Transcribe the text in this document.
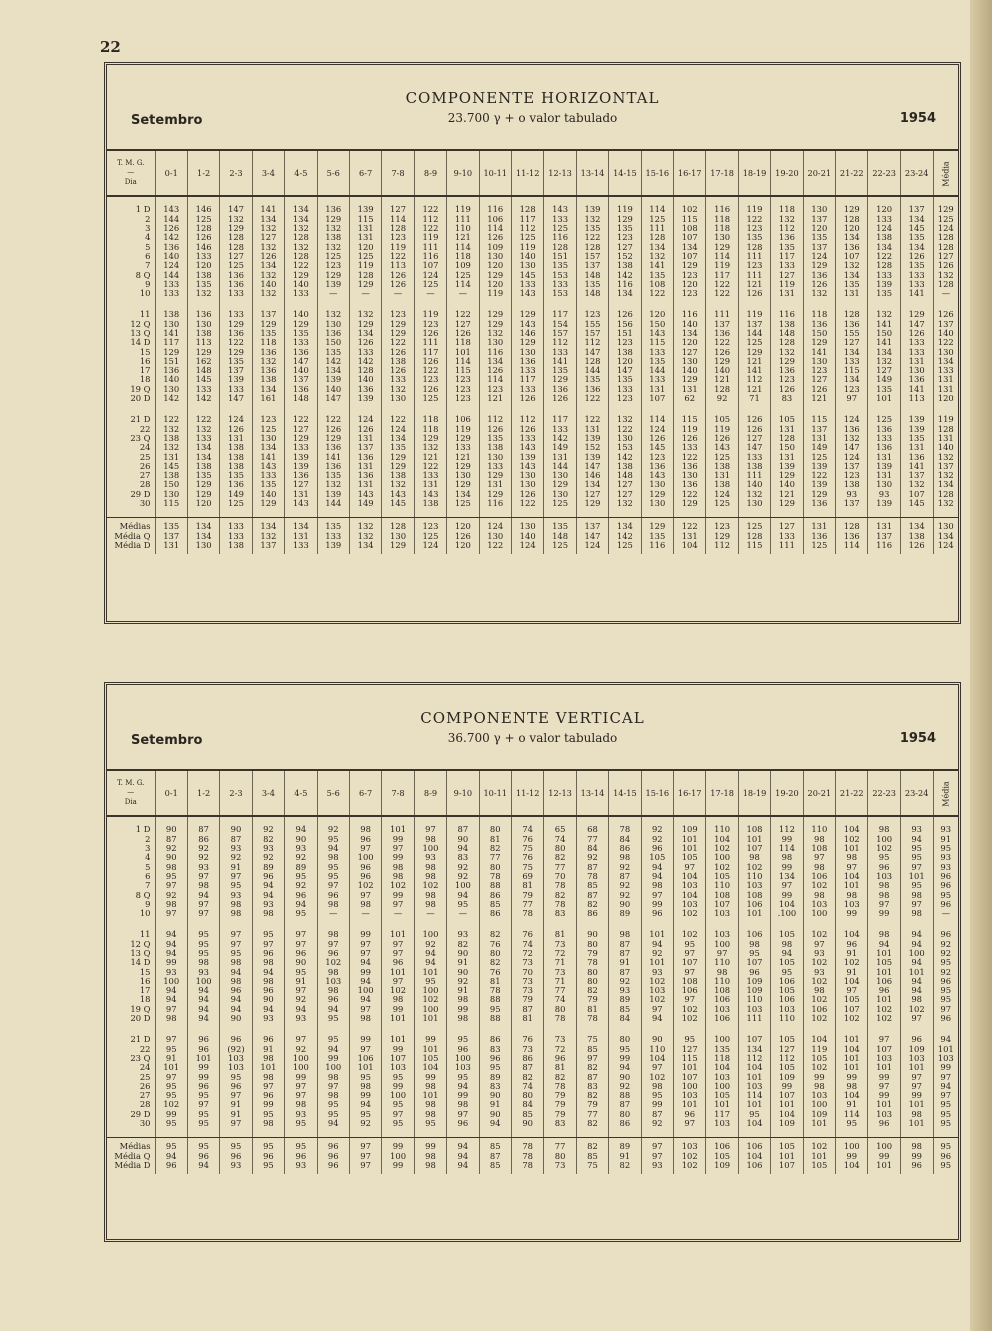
22
COMPONENTE HORIZONTAL
23.700 γ + o valor tabulado
Setembro	1954
T. M. G.
—
Dia	0-1	1-2	2-3	3-4	4-5	5-6	6-7	7-8	8-9	9-10	10-11	11-12	12-13	13-14	14-15	15-16	16-17	17-18	18-19	19-20	20-21	21-22	22-23	23-24	Média

1 D	143	146	147	141	134	136	139	127	122	119	116	128	143	139	119	114	102	116	119	118	130	129	120	137	129
2	144	125	132	134	134	129	115	114	112	111	106	117	133	132	129	125	115	118	122	132	137	128	133	134	125
3	126	128	129	132	132	132	131	128	122	110	114	112	125	135	135	111	108	118	123	112	120	120	124	145	124
4	142	126	128	127	128	138	131	123	119	121	126	125	116	122	123	128	107	130	135	136	135	134	138	135	128
5	136	146	128	132	132	132	120	119	111	114	109	119	128	128	127	134	134	129	128	135	137	136	134	134	128
6	140	133	127	126	128	125	125	122	116	118	130	140	151	157	152	132	107	114	111	117	124	107	122	126	127
7	124	120	125	134	122	123	119	113	107	109	120	130	135	137	138	141	129	119	123	133	129	132	128	135	126
8 Q	144	138	136	132	129	129	128	126	124	125	129	145	153	148	142	135	123	117	111	127	136	134	133	133	132
9	133	135	136	140	140	139	129	126	125	114	120	133	133	135	116	108	120	122	121	119	126	135	139	133	128
10	133	132	133	132	133	—	—	—	—	—	119	143	153	148	134	122	123	122	126	131	132	131	135	141	—

11	138	136	133	137	140	132	132	123	119	122	129	129	117	123	126	120	116	111	119	116	118	128	132	129	126
12 Q	130	130	129	129	129	130	129	129	123	127	129	143	154	155	156	150	140	137	137	138	136	136	141	147	137
13 Q	141	138	136	135	135	136	134	129	126	126	132	146	157	157	151	143	134	136	144	148	150	155	150	126	140
14 D	117	113	122	118	133	150	126	122	111	118	130	129	112	112	123	115	120	122	125	128	129	127	141	133	122
15	129	129	129	136	136	135	133	126	117	101	116	130	133	147	138	133	127	126	129	132	141	134	134	133	130
16	151	162	135	132	147	142	142	138	126	114	134	136	141	128	120	135	130	129	121	129	130	133	132	131	134
17	136	148	137	136	140	134	128	126	122	115	126	133	135	144	147	144	140	140	141	136	123	115	127	130	133
18	140	145	139	138	137	139	140	133	123	123	114	117	129	135	135	133	129	121	112	123	127	134	149	136	131
19 Q	130	133	133	134	136	140	136	132	126	123	123	133	136	136	133	131	131	128	121	126	126	123	135	141	131
20 D	142	142	147	161	148	147	139	130	125	123	121	126	126	122	123	107	62	92	71	83	121	97	101	113	120

21 D	122	122	124	123	122	122	124	122	118	106	112	112	117	122	132	114	115	105	126	105	115	124	125	139	119
22	132	132	126	125	127	126	126	124	118	119	126	126	133	131	122	124	119	119	126	131	137	136	136	139	128
23 Q	138	133	131	130	129	129	131	134	129	129	135	133	142	139	130	126	126	126	127	128	131	132	133	135	131
24	132	134	138	134	133	136	137	135	132	133	138	143	149	152	153	145	133	143	147	150	149	147	136	131	140
25	131	134	138	141	139	141	136	129	121	121	130	139	131	139	142	123	122	125	133	131	125	124	131	136	132
26	145	138	138	143	139	136	131	129	122	129	133	143	144	147	138	136	136	138	138	139	139	137	139	141	137
27	138	135	135	133	136	135	136	138	133	130	129	130	130	146	148	143	130	131	111	129	122	123	131	137	132
28	150	129	136	135	127	132	131	132	131	129	131	130	129	134	127	130	136	138	140	140	139	138	130	132	134
29 D	130	129	149	140	131	139	143	143	143	134	129	126	130	127	127	129	122	124	132	121	129	93	93	107	128
30	115	120	125	129	143	144	149	145	138	125	116	122	125	129	132	130	129	125	130	129	136	137	139	145	132

Médias	135	134	133	134	134	135	132	128	123	120	124	130	135	137	134	129	122	123	125	127	131	128	131	134	130
Média Q	137	134	133	132	131	133	132	130	125	126	130	140	148	147	142	135	131	129	128	133	136	136	137	138	134
Média D	131	130	138	137	133	139	134	129	124	120	122	124	125	124	125	116	104	112	115	111	125	114	116	126	124

COMPONENTE VERTICAL
36.700 γ + o valor tabulado
Setembro	1954
T. M. G.
—
Dia	0-1	1-2	2-3	3-4	4-5	5-6	6-7	7-8	8-9	9-10	10-11	11-12	12-13	13-14	14-15	15-16	16-17	17-18	18-19	19-20	20-21	21-22	22-23	23-24	Média

1 D	90	87	90	92	94	92	98	101	97	87	80	74	65	68	78	92	109	110	108	112	110	104	98	93	93
2	87	86	87	82	90	95	96	99	98	90	81	76	74	77	84	92	101	104	101	99	98	102	100	94	91
3	92	92	93	93	93	94	97	97	100	94	82	75	80	84	86	96	101	102	107	114	108	101	102	95	95
4	90	92	92	92	92	98	100	99	93	83	77	76	82	92	98	105	105	100	98	98	97	98	95	95	93
5	98	93	91	89	89	95	96	98	98	92	80	75	77	87	92	94	97	102	102	99	98	97	96	97	93
6	95	97	97	96	95	95	96	98	98	92	78	69	70	78	87	94	104	105	110	134	106	104	103	101	96
7	97	98	95	94	92	97	102	102	102	100	88	81	78	85	92	98	103	110	103	97	102	101	98	95	96
8 Q	92	94	93	94	96	96	97	99	98	94	86	79	82	87	92	97	104	108	108	99	98	98	98	98	95
9	98	97	98	93	94	98	98	97	98	95	85	77	78	82	90	99	103	107	106	104	103	103	97	97	96
10	97	97	98	98	95	—	—	—	—	—	86	78	83	86	89	96	102	103	101	.100	100	99	99	98	—

11	94	95	97	95	97	98	99	101	100	93	82	76	81	90	98	101	102	103	106	105	102	104	98	94	96
12 Q	94	95	97	97	97	97	97	97	92	82	76	74	73	80	87	94	95	100	98	98	97	96	94	94	92
13 Q	94	95	95	96	96	96	97	97	94	90	80	72	72	79	87	92	97	97	95	94	93	91	101	100	92
14 D	99	98	98	98	90	102	94	96	94	91	82	73	71	78	91	101	107	110	107	105	102	102	105	94	95
15	93	93	94	94	95	98	99	101	101	90	76	70	73	80	87	93	97	98	96	95	93	91	101	101	92
16	100	100	98	98	91	103	94	97	95	92	81	73	71	80	92	102	108	110	109	106	102	104	106	94	96
17	94	94	96	96	97	98	100	102	100	91	78	73	77	82	93	103	106	108	109	105	98	97	96	94	95
18	94	94	94	90	92	96	94	98	102	98	88	79	74	79	89	102	97	106	110	106	102	105	101	98	95
19 Q	97	94	94	94	94	94	97	99	100	99	95	87	80	81	85	97	102	103	103	103	106	107	102	102	97
20 D	98	94	90	93	93	95	98	101	101	98	88	81	78	78	84	94	102	106	111	110	102	102	102	97	96

21 D	97	96	96	96	97	95	99	101	99	95	86	76	73	75	80	90	95	100	107	105	104	101	97	96	94
22	95	96	(92)	91	92	94	97	99	101	96	83	73	72	85	95	110	127	135	134	127	119	104	107	109	101
23 Q	91	101	103	98	100	99	106	107	105	100	96	86	96	97	99	104	115	118	112	112	105	101	103	103	103
24	101	99	103	101	100	100	101	103	104	103	95	87	81	82	94	97	101	104	104	105	102	101	101	101	99
25	97	99	95	98	99	98	95	95	99	95	89	82	82	87	90	102	107	103	101	109	99	99	99	97	97
26	95	96	96	97	97	97	98	99	98	94	83	74	78	83	92	98	100	100	103	99	98	98	97	97	94
27	95	95	97	96	97	98	99	100	101	99	90	80	79	82	88	95	103	105	114	107	103	104	99	99	97
28	102	97	91	99	98	95	94	95	98	98	91	84	79	79	87	99	101	101	101	101	100	91	101	101	95
29 D	99	95	91	95	93	95	95	97	98	97	90	85	79	77	80	87	96	117	95	104	109	114	103	98	95
30	95	95	97	98	95	94	92	95	95	96	94	90	83	82	86	92	97	103	104	109	101	95	96	101	95

Médias	95	95	95	95	95	96	97	99	99	94	85	78	77	82	89	97	103	106	106	105	102	100	100	98	95
Média Q	94	96	96	96	96	96	97	100	98	94	87	78	80	85	91	97	102	105	104	101	101	99	99	99	96
Média D	96	94	93	95	93	96	97	99	98	94	85	78	73	75	82	93	102	109	106	107	105	104	101	96	95
